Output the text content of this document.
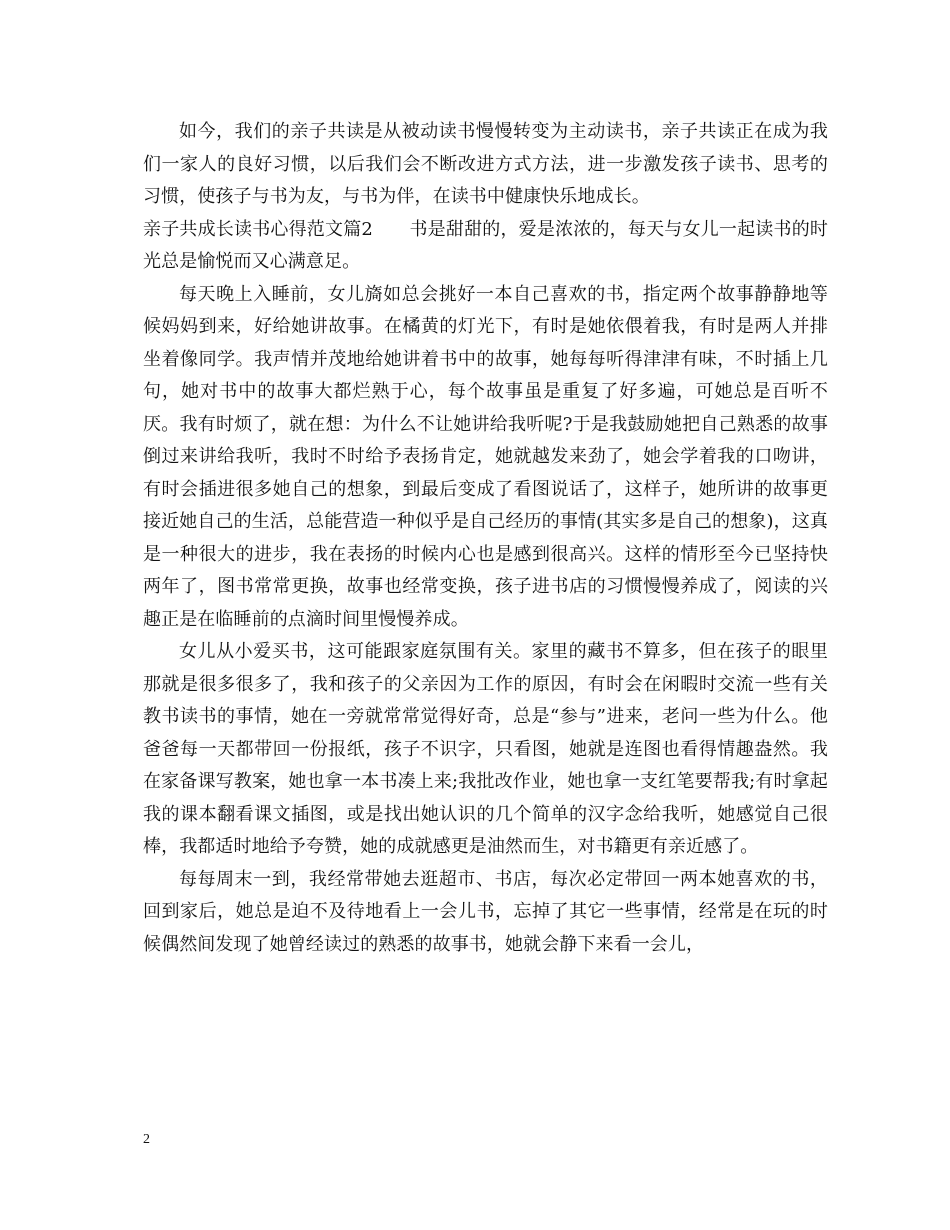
如今，我们的亲子共读是从被动读书慢慢转变为主动读书，亲子共读正在成为我们一家人的良好习惯，以后我们会不断改进方式方法，进一步激发孩子读书、思考的习惯，使孩子与书为友，与书为伴，在读书中健康快乐地成长。

亲子共成长读书心得范文篇2　　书是甜甜的，爱是浓浓的，每天与女儿一起读书的时光总是愉悦而又心满意足。

每天晚上入睡前，女儿旖如总会挑好一本自己喜欢的书，指定两个故事静静地等候妈妈到来，好给她讲故事。在橘黄的灯光下，有时是她依偎着我，有时是两人并排坐着像同学。我声情并茂地给她讲着书中的故事，她每每听得津津有味，不时插上几句，她对书中的故事大都烂熟于心，每个故事虽是重复了好多遍，可她总是百听不厌。我有时烦了，就在想：为什么不让她讲给我听呢?于是我鼓励她把自己熟悉的故事倒过来讲给我听，我时不时给予表扬肯定，她就越发来劲了，她会学着我的口吻讲，有时会插进很多她自己的想象，到最后变成了看图说话了，这样子，她所讲的故事更接近她自己的生活，总能营造一种似乎是自己经历的事情(其实多是自己的想象)，这真是一种很大的进步，我在表扬的时候内心也是感到很高兴。这样的情形至今已坚持快两年了，图书常常更换，故事也经常变换，孩子进书店的习惯慢慢养成了，阅读的兴趣正是在临睡前的点滴时间里慢慢养成。

女儿从小爱买书，这可能跟家庭氛围有关。家里的藏书不算多，但在孩子的眼里那就是很多很多了，我和孩子的父亲因为工作的原因，有时会在闲暇时交流一些有关教书读书的事情，她在一旁就常常觉得好奇，总是“参与”进来，老问一些为什么。他爸爸每一天都带回一份报纸，孩子不识字，只看图，她就是连图也看得情趣盎然。我在家备课写教案，她也拿一本书凑上来;我批改作业，她也拿一支红笔要帮我;有时拿起我的课本翻看课文插图，或是找出她认识的几个简单的汉字念给我听，她感觉自己很棒，我都适时地给予夸赞，她的成就感更是油然而生，对书籍更有亲近感了。

每每周末一到，我经常带她去逛超市、书店，每次必定带回一两本她喜欢的书，回到家后，她总是迫不及待地看上一会儿书，忘掉了其它一些事情，经常是在玩的时候偶然间发现了她曾经读过的熟悉的故事书，她就会静下来看一会儿，

2
